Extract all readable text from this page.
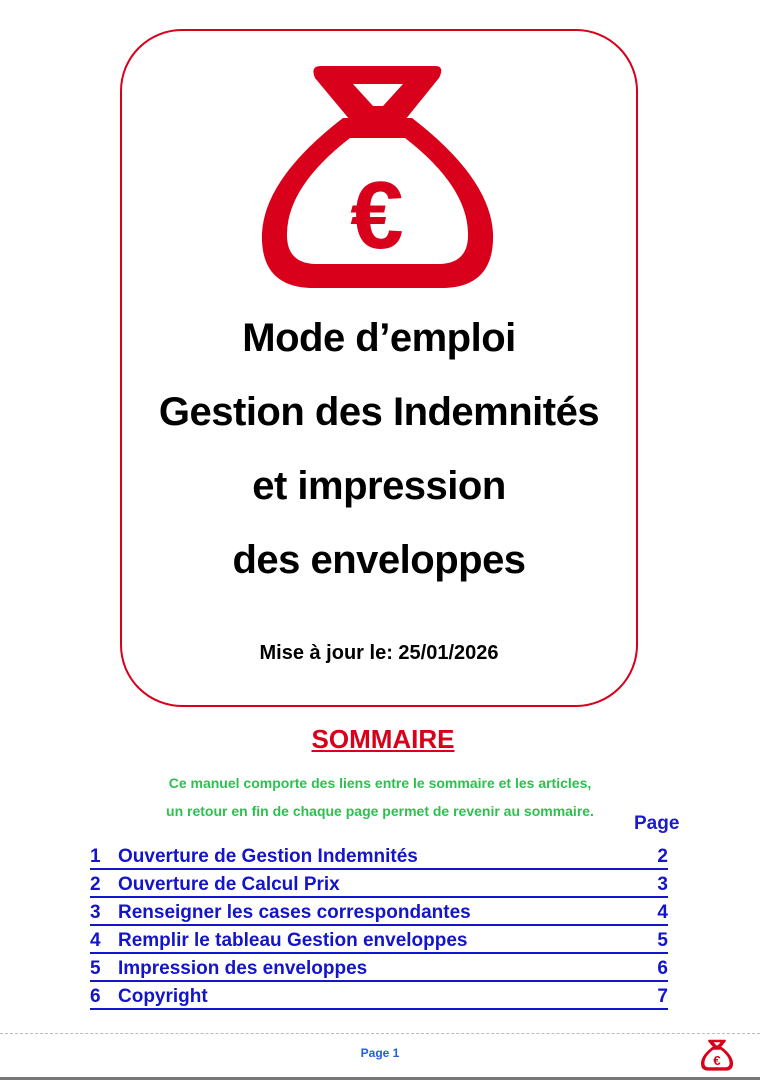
€
Mode d’emploi
Gestion des Indemnités
et impression
des enveloppes
Mise à jour le: 25/01/2026
SOMMAIRE
Ce manuel comporte des liens entre le sommaire et les articles,
un retour en fin de chaque page permet de revenir au sommaire.
Page
1 Ouverture de Gestion Indemnités	2
2 Ouverture de Calcul Prix	3
3 Renseigner les cases correspondantes	4
4 Remplir le tableau Gestion enveloppes	5
5 Impression des enveloppes	6
6 Copyright	7
Page 1
€
